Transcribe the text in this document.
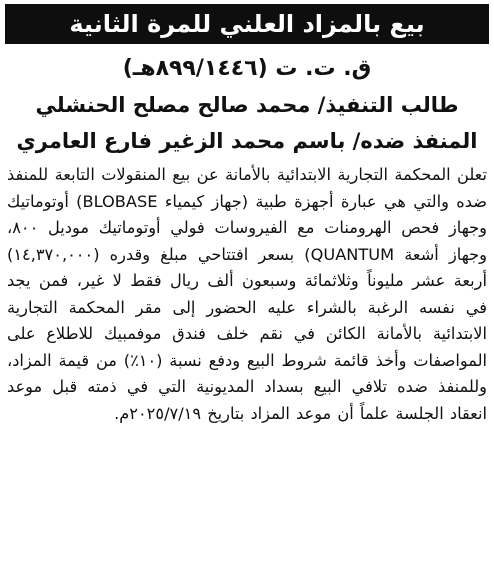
بيع بالمزاد العلني للمرة الثانية
ق. ت. ت (٨٩٩/١٤٤٦هـ)
طالب التنفيذ/ محمد صالح مصلح الحنشلي
المنفذ ضده/ باسم محمد الزغير فارع العامري
تعلن المحكمة التجارية الابتدائية بالأمانة عن بيع المنقولات التابعة للمنفذ ضده والتي هي عبارة أجهزة طبية (جهاز كيمياء BLOBASE) أوتوماتيك وجهاز فحص الهرومنات مع الفيروسات فولي أوتوماتيك موديل ٨٠٠، وجهاز أشعة QUANTUM) بسعر افتتاحي مبلغ وقدره (١٤,٣٧٠,٠٠٠) أربعة عشر مليوناً وثلاثمائة وسبعون ألف ريال فقط لا غير، فمن يجد في نفسه الرغبة بالشراء عليه الحضور إلى مقر المحكمة التجارية الابتدائية بالأمانة الكائن في نقم خلف فندق موفمبيك للاطلاع على المواصفات وأخذ قائمة شروط البيع ودفع نسبة (١٠٪) من قيمة المزاد، وللمنفذ ضده تلافي البيع بسداد المديونية التي في ذمته قبل موعد انعقاد الجلسة علماً أن موعد المزاد بتاريخ ٢٠٢٥/٧/١٩م.
